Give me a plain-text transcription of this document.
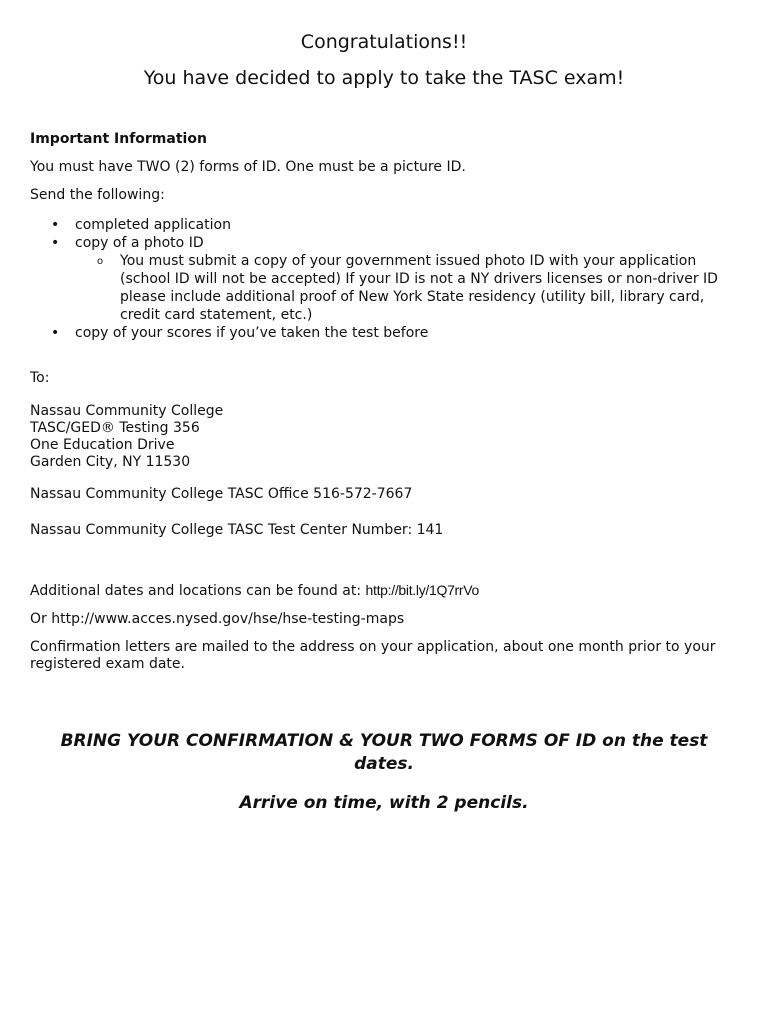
Congratulations!!
You have decided to apply to take the TASC exam!

Important Information

You must have TWO (2) forms of ID. One must be a picture ID.

Send the following:

• completed application
• copy of a photo ID
o You must submit a copy of your government issued photo ID with your application (school ID will not be accepted) If your ID is not a NY drivers licenses or non-driver ID please include additional proof of New York State residency (utility bill, library card, credit card statement, etc.)
• copy of your scores if you’ve taken the test before

To:

Nassau Community College
TASC/GED® Testing 356
One Education Drive
Garden City, NY 11530

Nassau Community College TASC Office 516-572-7667

Nassau Community College TASC Test Center Number: 141

Additional dates and locations can be found at: http://bit.ly/1Q7rrVo

Or http://www.acces.nysed.gov/hse/hse-testing-maps

Confirmation letters are mailed to the address on your application, about one month prior to your registered exam date.

BRING YOUR CONFIRMATION & YOUR TWO FORMS OF ID on the test dates.

Arrive on time, with 2 pencils.
